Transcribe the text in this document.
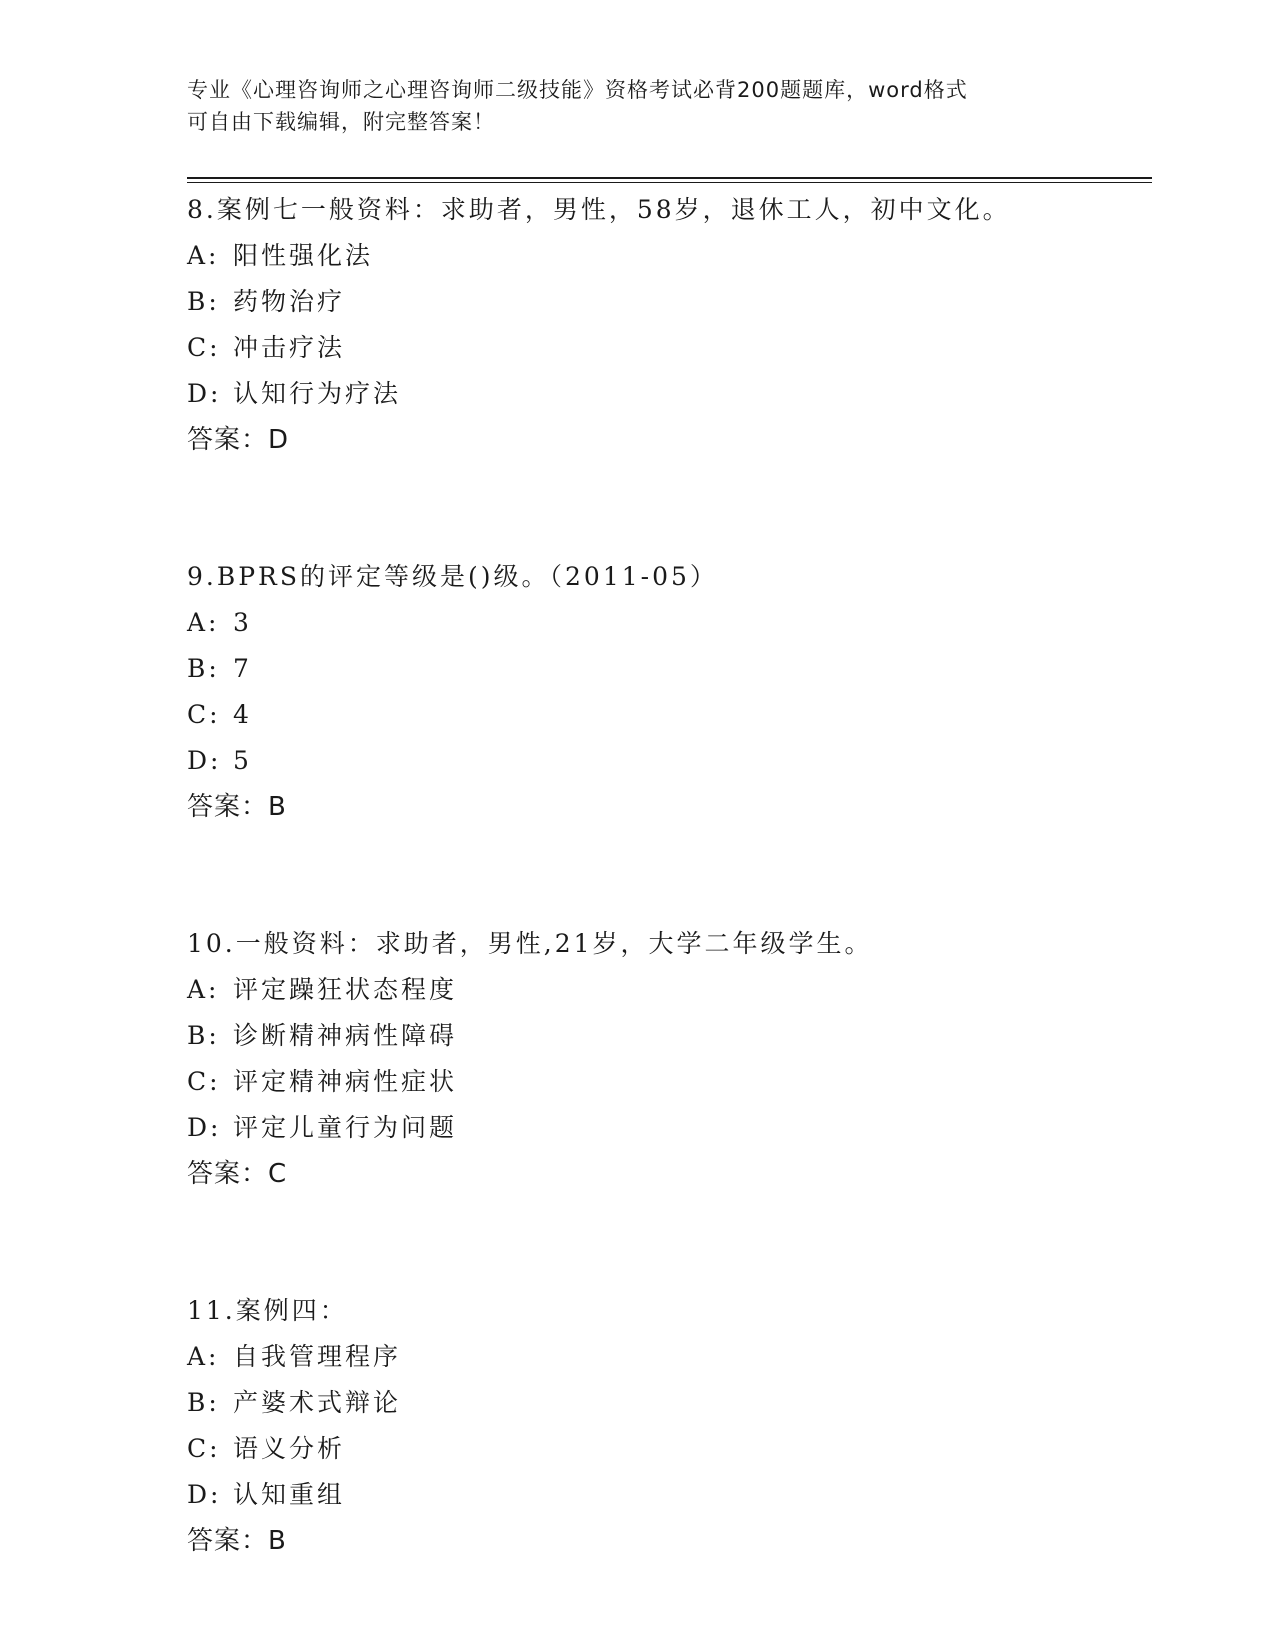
专业《心理咨询师之心理咨询师二级技能》资格考试必背200题题库，word格式
可自由下载编辑，附完整答案！
8.案例七一般资料：求助者，男性，58岁，退休工人，初中文化。
A: 阳性强化法
B: 药物治疗
C: 冲击疗法
D: 认知行为疗法
答案：D
9.BPRS的评定等级是()级。（2011-05）
A: 3
B: 7
C: 4
D: 5
答案：B
10.一般资料：求助者，男性,21岁，大学二年级学生。
A: 评定躁狂状态程度
B: 诊断精神病性障碍
C: 评定精神病性症状
D: 评定儿童行为问题
答案：C
11.案例四：
A: 自我管理程序
B: 产婆术式辩论
C: 语义分析
D: 认知重组
答案：B
